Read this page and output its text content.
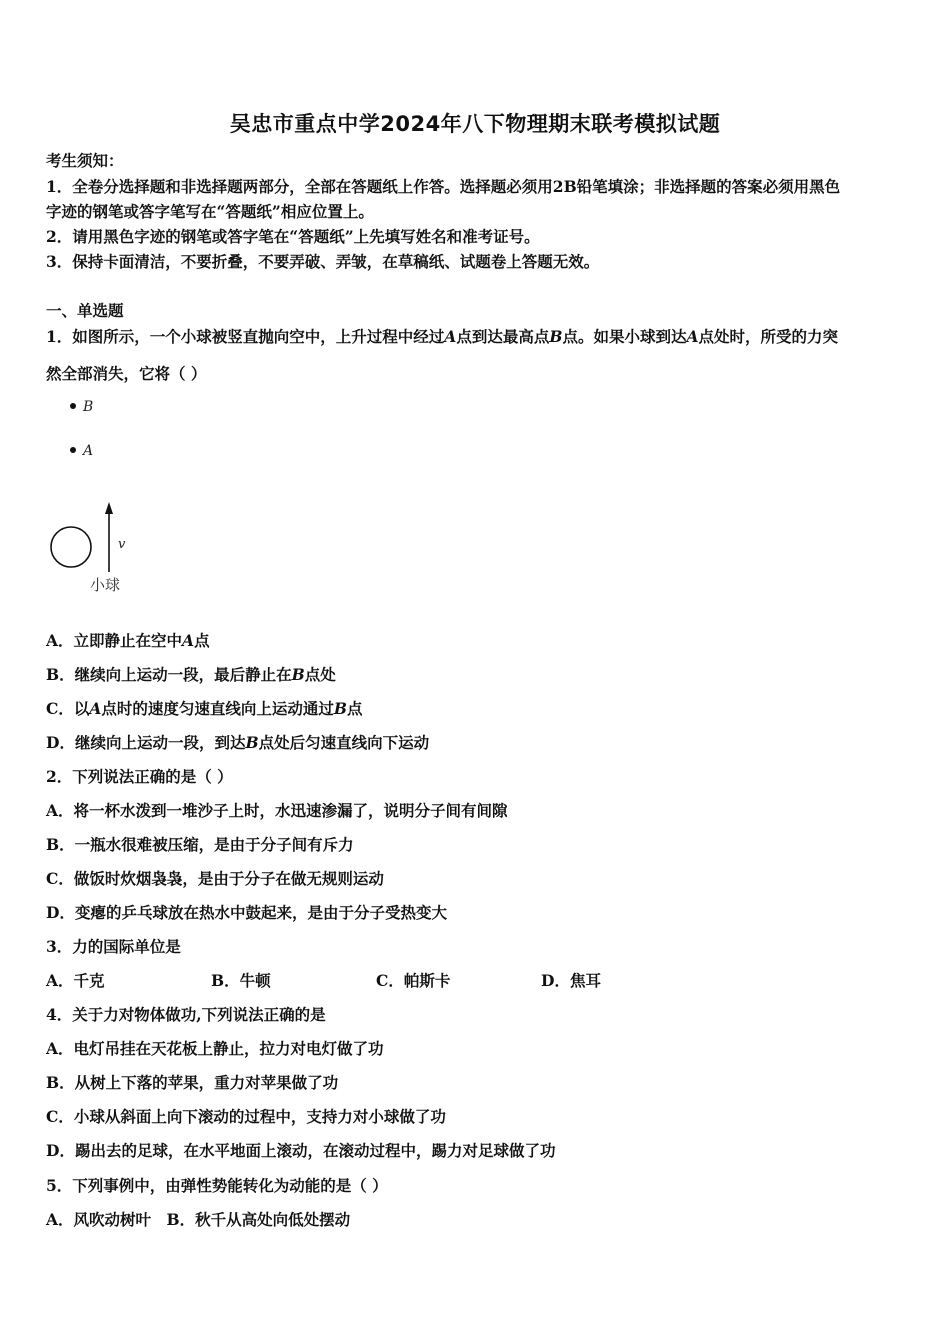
吴忠市重点中学2024年八下物理期末联考模拟试题
考生须知：
1．全卷分选择题和非选择题两部分，全部在答题纸上作答。选择题必须用2B铅笔填涂；非选择题的答案必须用黑色
字迹的钢笔或答字笔写在“答题纸”相应位置上。
2．请用黑色字迹的钢笔或答字笔在“答题纸”上先填写姓名和准考证号。
3．保持卡面清洁，不要折叠，不要弄破、弄皱，在草稿纸、试题卷上答题无效。
一、单选题
1．如图所示，一个小球被竖直抛向空中，上升过程中经过A点到达最高点B点。如果小球到达A点处时，所受的力突
然全部消失，它将（ ）
B
A
v
小球
A．立即静止在空中A点
B．继续向上运动一段，最后静止在B点处
C．以A点时的速度匀速直线向上运动通过B点
D．继续向上运动一段，到达B点处后匀速直线向下运动
2．下列说法正确的是（ ）
A．将一杯水泼到一堆沙子上时，水迅速渗漏了，说明分子间有间隙
B．一瓶水很难被压缩，是由于分子间有斥力
C．做饭时炊烟袅袅，是由于分子在做无规则运动
D．变瘪的乒乓球放在热水中鼓起来，是由于分子受热变大
3．力的国际单位是
A．千克	B．牛顿	C．帕斯卡	D．焦耳
4．关于力对物体做功,下列说法正确的是
A．电灯吊挂在天花板上静止，拉力对电灯做了功
B．从树上下落的苹果，重力对苹果做了功
C．小球从斜面上向下滚动的过程中，支持力对小球做了功
D．踢出去的足球，在水平地面上滚动，在滚动过程中，踢力对足球做了功
5．下列事例中，由弹性势能转化为动能的是（ ）
A．风吹动树叶　B．秋千从高处向低处摆动
